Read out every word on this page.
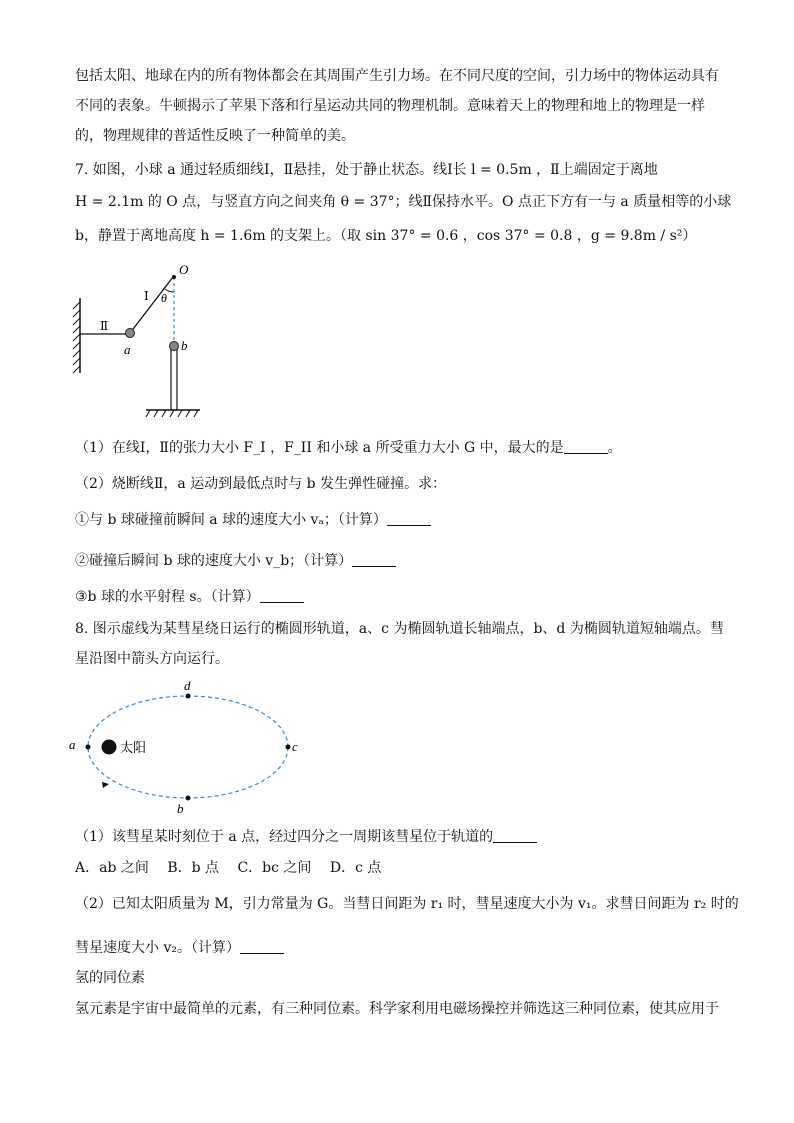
包括太阳、地球在内的所有物体都会在其周围产生引力场。在不同尺度的空间，引力场中的物体运动具有
不同的表象。牛顿揭示了苹果下落和行星运动共同的物理机制。意味着天上的物理和地上的物理是一样
的，物理规律的普适性反映了一种简单的美。
7. 如图，小球 a 通过轻质细线Ⅰ，Ⅱ悬挂，处于静止状态。线Ⅰ长 l = 0.5m ，Ⅱ上端固定于离地
H = 2.1m 的 O 点，与竖直方向之间夹角 θ = 37°；线Ⅱ保持水平。O 点正下方有一与 a 质量相等的小球
b，静置于离地高度 h = 1.6m 的支架上。（取 sin 37° = 0.6 ，cos 37° = 0.8 ，g = 9.8m / s²）
O
θ
Ⅰ
Ⅱ
a	b
（1）在线Ⅰ，Ⅱ的张力大小 F_I ，F_II 和小球 a 所受重力大小 G 中，最大的是	。
（2）烧断线Ⅱ，a 运动到最低点时与 b 发生弹性碰撞。求：
①与 b 球碰撞前瞬间 a 球的速度大小 vₐ；（计算）
②碰撞后瞬间 b 球的速度大小 v_b；（计算）
③b 球的水平射程 s。（计算）
8. 图示虚线为某彗星绕日运行的椭圆形轨道，a、c 为椭圆轨道长轴端点，b、d 为椭圆轨道短轴端点。彗
星沿图中箭头方向运行。
a	c
d
b
太阳
（1）该彗星某时刻位于 a 点，经过四分之一周期该彗星位于轨道的
A．ab 之间　 B．b 点　 C．bc 之间　 D．c 点
（2）已知太阳质量为 M，引力常量为 G。当彗日间距为 r₁ 时，彗星速度大小为 v₁。求彗日间距为 r₂ 时的
彗星速度大小 v₂。（计算）
氢的同位素
氢元素是宇宙中最简单的元素，有三种同位素。科学家利用电磁场操控并筛选这三种同位素，使其应用于
